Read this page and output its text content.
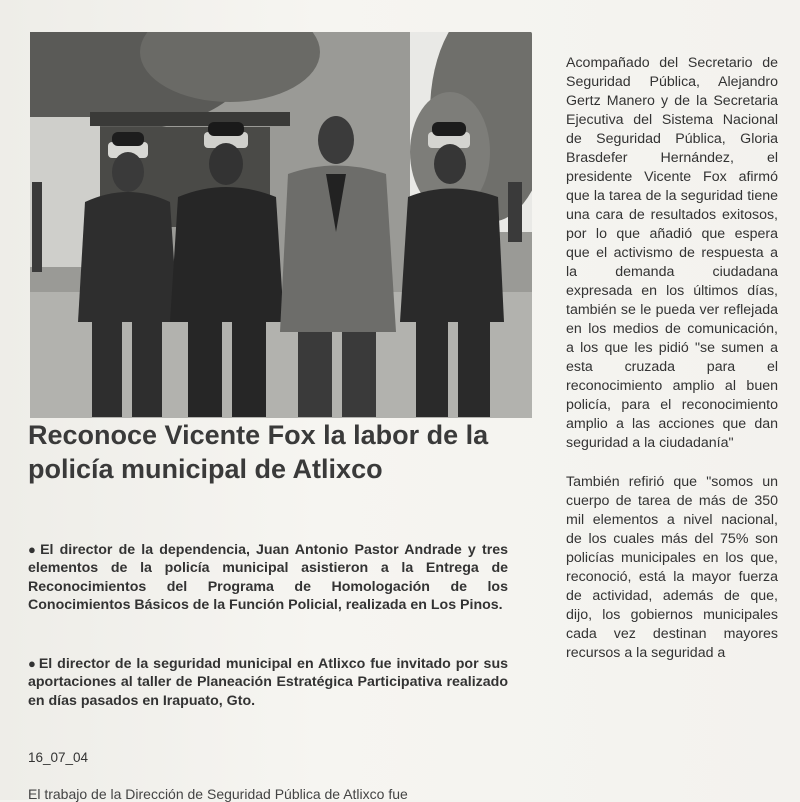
Reconoce Vicente Fox la labor de la policía municipal de Atlixco

● El director de la dependencia, Juan Antonio Pastor Andrade y tres elementos de la policía municipal asistieron a la Entrega de Reconocimientos del Programa de Homologación de los Conocimientos Básicos de la Función Policial, realizada en Los Pinos.

● El director de la seguridad municipal en Atlixco fue invitado por sus aportaciones al taller de Planeación Estratégica Participativa realizado en días pasados en Irapuato, Gto.

16_07_04
El trabajo de la Dirección de Seguridad Pública de Atlixco fue

Acompañado del Secretario de Seguridad Pública, Alejandro Gertz Manero y de la Secretaria Ejecutiva del Sistema Nacional de Seguridad Pública, Gloria Brasdefer Hernández, el presidente Vicente Fox afirmó que la tarea de la seguridad tiene una cara de resultados exitosos, por lo que añadió que espera que el activismo de respuesta a la demanda ciudadana expresada en los últimos días, también se le pueda ver reflejada en los medios de comunicación, a los que les pidió "se sumen a esta cruzada para el reconocimiento amplio al buen policía, para el reconocimiento amplio a las acciones que dan seguridad a la ciudadanía"

También refirió que "somos un cuerpo de tarea de más de 350 mil elementos a nivel nacional, de los cuales más del 75% son policías municipales en los que, reconoció, está la mayor fuerza de actividad, además de que, dijo, los gobiernos municipales cada vez destinan mayores recursos a la seguridad a
